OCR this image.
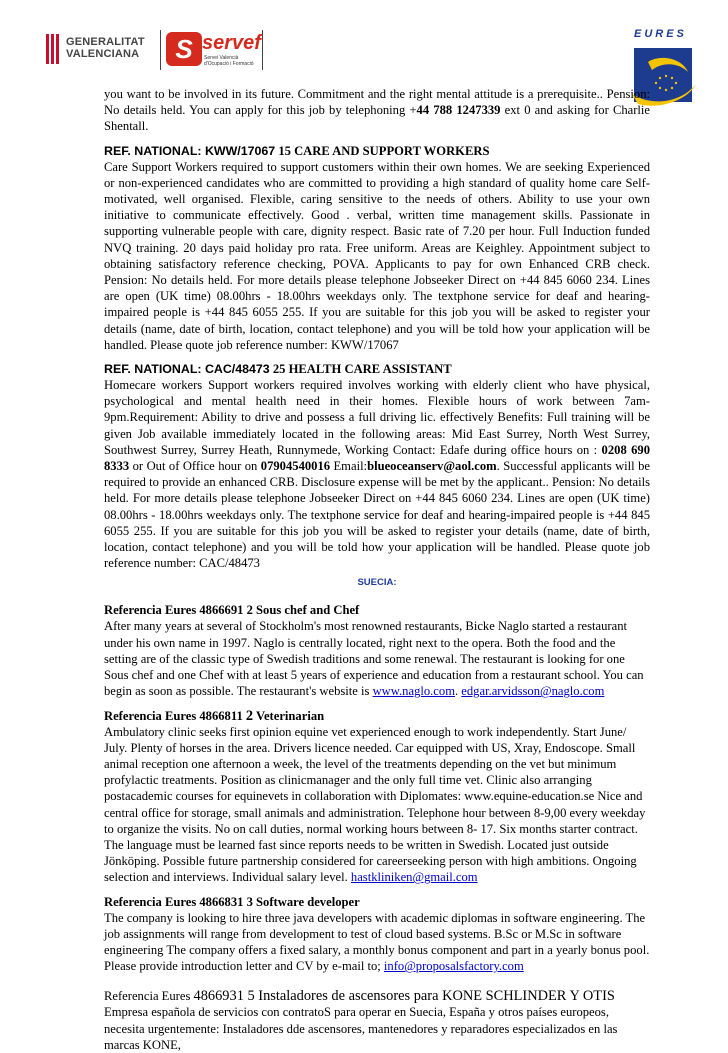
GENERALITAT
VALENCIANA	S servef
Servei Valencià d'Ocupació i Formació
EURES

you want to be involved in its future. Commitment and the right mental attitude is a prerequisite.. Pension: No details held. You can apply for this job by telephoning +44 788 1247339 ext 0 and asking for Charlie Shentall.

REF. NATIONAL: KWW/17067 15 CARE AND SUPPORT WORKERS

Care Support Workers required to support customers within their own homes. We are seeking Experienced or non-experienced candidates who are committed to providing a high standard of quality home care Self-motivated, well organised. Flexible, caring sensitive to the needs of others. Ability to use your own initiative to communicate effectively. Good . verbal, written time management skills. Passionate in supporting vulnerable people with care, dignity respect. Basic rate of 7.20 per hour. Full Induction funded NVQ training. 20 days paid holiday pro rata. Free uniform. Areas are Keighley. Appointment subject to obtaining satisfactory reference checking, POVA. Applicants to pay for own Enhanced CRB check. Pension: No details held. For more details please telephone Jobseeker Direct on +44 845 6060 234. Lines are open (UK time) 08.00hrs - 18.00hrs weekdays only. The textphone service for deaf and hearing-impaired people is +44 845 6055 255. If you are suitable for this job you will be asked to register your details (name, date of birth, location, contact telephone) and you will be told how your application will be handled. Please quote job reference number: KWW/17067

REF. NATIONAL: CAC/48473 25 HEALTH CARE ASSISTANT

Homecare workers Support workers required involves working with elderly client who have physical, psychological and mental health need in their homes. Flexible hours of work between 7am-9pm.Requirement: Ability to drive and possess a full driving lic. effectively Benefits: Full training will be given Job available immediately located in the following areas: Mid East Surrey, North West Surrey, Southwest Surrey, Surrey Heath, Runnymede, Working Contact: Edafe during office hours on : 0208 690 8333 or Out of Office hour on 07904540016 Email:blueoceanserv@aol.com. Successful applicants will be required to provide an enhanced CRB. Disclosure expense will be met by the applicant.. Pension: No details held. For more details please telephone Jobseeker Direct on +44 845 6060 234. Lines are open (UK time) 08.00hrs - 18.00hrs weekdays only. The textphone service for deaf and hearing-impaired people is +44 845 6055 255. If you are suitable for this job you will be asked to register your details (name, date of birth, location, contact telephone) and you will be told how your application will be handled. Please quote job reference number: CAC/48473

SUECIA:
Referencia Eures 4866691 2 Sous chef and Chef

After many years at several of Stockholm's most renowned restaurants, Bicke Naglo started a restaurant under his own name in 1997. Naglo is centrally located, right next to the opera. Both the food and the setting are of the classic type of Swedish traditions and some renewal. The restaurant is looking for one Sous chef and one Chef with at least 5 years of experience and education from a restaurant school. You can begin as soon as possible. The restaurant's website is www.naglo.com. edgar.arvidsson@naglo.com

Referencia Eures 4866811 2 Veterinarian

Ambulatory clinic seeks first opinion equine vet experienced enough to work independently. Start June/ July. Plenty of horses in the area. Drivers licence needed. Car equipped with US, Xray, Endoscope. Small animal reception one afternoon a week, the level of the treatments depending on the vet but minimum profylactic treatments. Position as clinicmanager and the only full time vet. Clinic also arranging postacademic courses for equinevets in collaboration with Diplomates: www.equine-education.se Nice and central office for storage, small animals and administration. Telephone hour between 8-9,00 every weekday to organize the visits. No on call duties, normal working hours between 8- 17. Six months starter contract. The language must be learned fast since reports needs to be written in Swedish. Located just outside Jönköping. Possible future partnership considered for careerseeking person with high ambitions. Ongoing selection and interviews. Individual salary level. hastkliniken@gmail.com

Referencia Eures 4866831 3 Software developer

The company is looking to hire three java developers with academic diplomas in software engineering. The job assignments will range from development to test of cloud based systems. B.Sc or M.Sc in software engineering The company offers a fixed salary, a monthly bonus component and part in a yearly bonus pool. Please provide introduction letter and CV by e-mail to; info@proposalsfactory.com

Referencia Eures 4866931 5 Instaladores de ascensores para KONE SCHLINDER Y OTIS

Empresa española de servicios con contratoS para operar en Suecia, España y otros países europeos, necesita urgentemente: Instaladores dde ascensores, mantenedores y reparadores especializados en las marcas KONE,
